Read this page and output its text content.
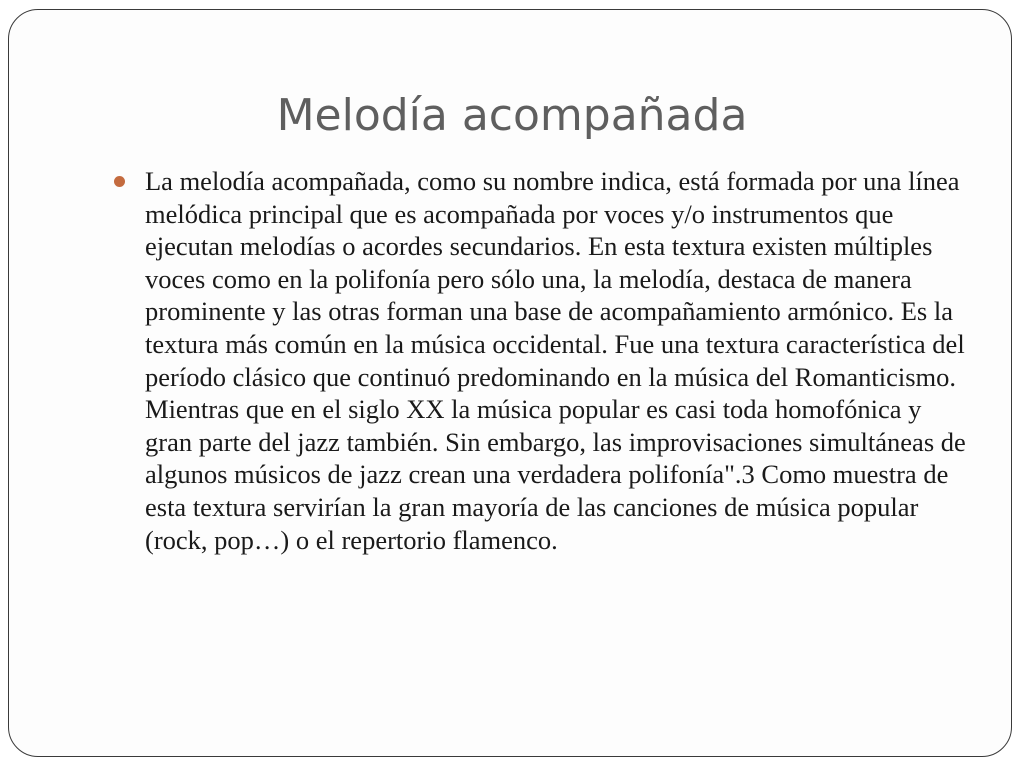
Melodía acompañada

La melodía acompañada, como su nombre indica, está formada por una línea melódica principal que es acompañada por voces y/o instrumentos que ejecutan melodías o acordes secundarios. En esta textura existen múltiples voces como en la polifonía pero sólo una, la melodía, destaca de manera prominente y las otras forman una base de acompañamiento armónico. Es la textura más común en la música occidental. Fue una textura característica del período clásico que continuó predominando en la música del Romanticismo. Mientras que en el siglo XX la música popular es casi toda homofónica y gran parte del jazz también. Sin embargo, las improvisaciones simultáneas de algunos músicos de jazz crean una verdadera polifonía".3 Como muestra de esta textura servirían la gran mayoría de las canciones de música popular (rock, pop…) o el repertorio flamenco.
